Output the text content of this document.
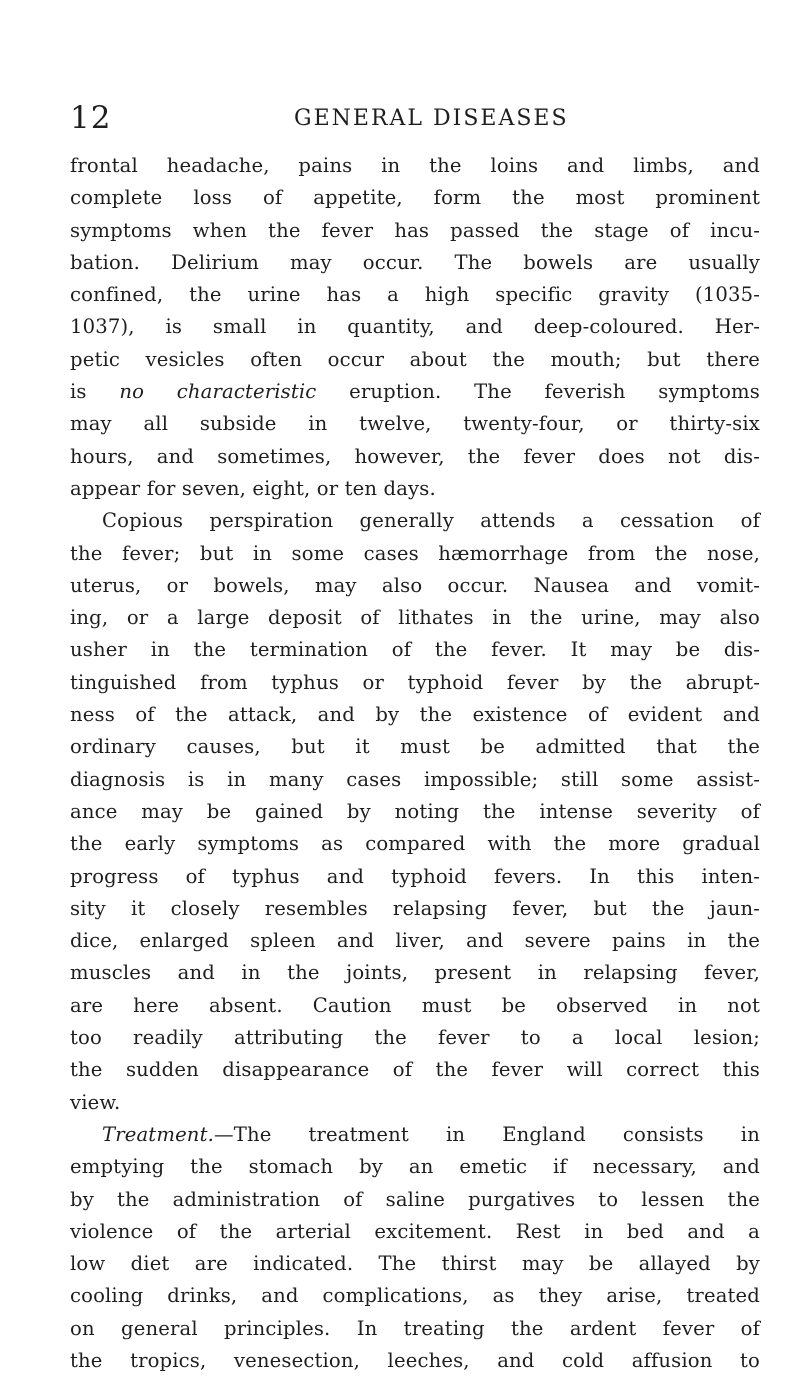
12	GENERAL DISEASES
frontal headache, pains in the loins and limbs, and
complete loss of appetite, form the most prominent
symptoms when the fever has passed the stage of incu-
bation. Delirium may occur. The bowels are usually
confined, the urine has a high specific gravity (1035-
1037), is small in quantity, and deep-coloured. Her-
petic vesicles often occur about the mouth; but there
is no characteristic eruption. The feverish symptoms
may all subside in twelve, twenty-four, or thirty-six
hours, and sometimes, however, the fever does not dis-
appear for seven, eight, or ten days.
Copious perspiration generally attends a cessation of
the fever; but in some cases hæmorrhage from the nose,
uterus, or bowels, may also occur. Nausea and vomit-
ing, or a large deposit of lithates in the urine, may also
usher in the termination of the fever. It may be dis-
tinguished from typhus or typhoid fever by the abrupt-
ness of the attack, and by the existence of evident and
ordinary causes, but it must be admitted that the
diagnosis is in many cases impossible; still some assist-
ance may be gained by noting the intense severity of
the early symptoms as compared with the more gradual
progress of typhus and typhoid fevers. In this inten-
sity it closely resembles relapsing fever, but the jaun-
dice, enlarged spleen and liver, and severe pains in the
muscles and in the joints, present in relapsing fever,
are here absent. Caution must be observed in not
too readily attributing the fever to a local lesion;
the sudden disappearance of the fever will correct this
view.
Treatment.—The treatment in England consists in
emptying the stomach by an emetic if necessary, and
by the administration of saline purgatives to lessen the
violence of the arterial excitement. Rest in bed and a
low diet are indicated. The thirst may be allayed by
cooling drinks, and complications, as they arise, treated
on general principles. In treating the ardent fever of
the tropics, venesection, leeches, and cold affusion to
